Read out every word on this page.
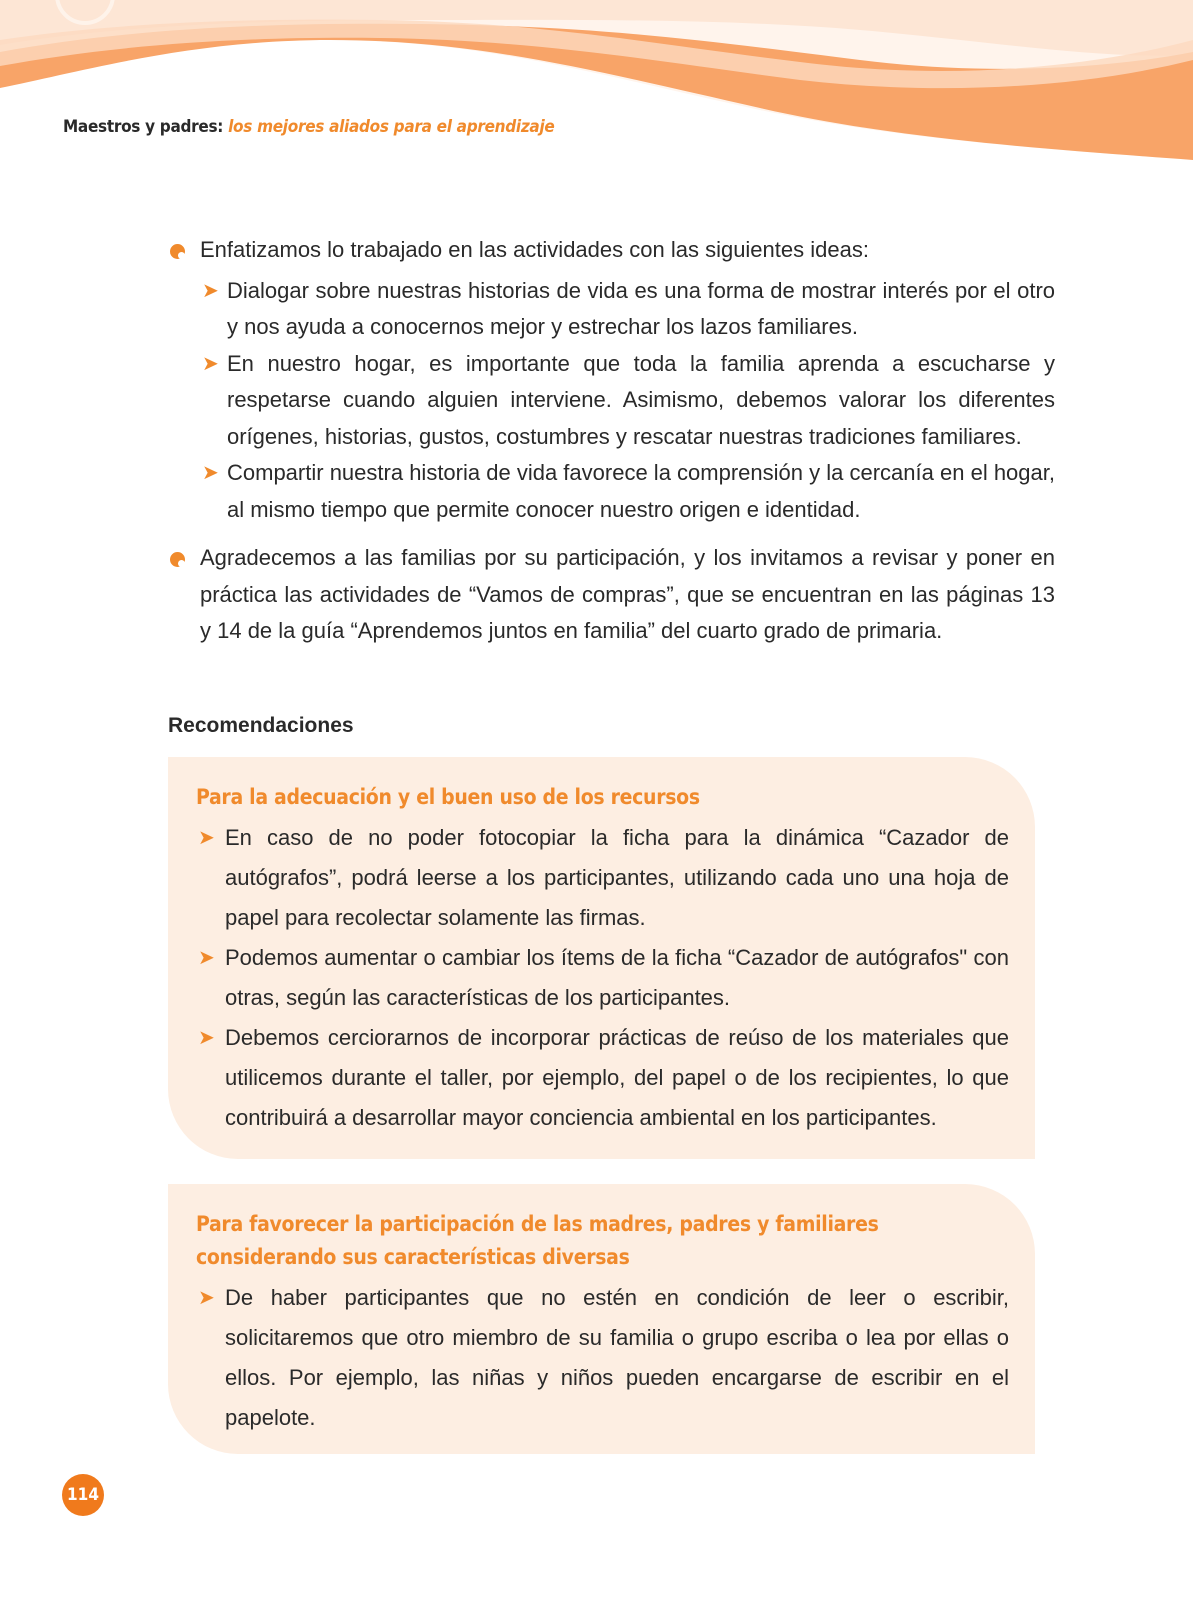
Maestros y padres: los mejores aliados para el aprendizaje
Enfatizamos lo trabajado en las actividades con las siguientes ideas:
➤ Dialogar sobre nuestras historias de vida es una forma de mostrar interés por el otro y nos ayuda a conocernos mejor y estrechar los lazos familiares.
➤ En nuestro hogar, es importante que toda la familia aprenda a escucharse y respetarse cuando alguien interviene. Asimismo, debemos valorar los diferentes orígenes, historias, gustos, costumbres y rescatar nuestras tradiciones familiares.
➤ Compartir nuestra historia de vida favorece la comprensión y la cercanía en el hogar, al mismo tiempo que permite conocer nuestro origen e identidad.
Agradecemos a las familias por su participación, y los invitamos a revisar y poner en práctica las actividades de “Vamos de compras”, que se encuentran en las páginas 13 y 14 de la guía “Aprendemos juntos en familia” del cuarto grado de primaria.
Recomendaciones
Para la adecuación y el buen uso de los recursos
➤ En caso de no poder fotocopiar la ficha para la dinámica “Cazador de autógrafos”, podrá leerse a los participantes, utilizando cada uno una hoja de papel para recolectar solamente las firmas.
➤ Podemos aumentar o cambiar los ítems de la ficha “Cazador de autógrafos" con otras, según las características de los participantes.
➤ Debemos cerciorarnos de incorporar prácticas de reúso de los materiales que utilicemos durante el taller, por ejemplo, del papel o de los recipientes, lo que contribuirá a desarrollar mayor conciencia ambiental en los participantes.
Para favorecer la participación de las madres, padres y familiares considerando sus características diversas
➤ De haber participantes que no estén en condición de leer o escribir, solicitaremos que otro miembro de su familia o grupo escriba o lea por ellas o ellos. Por ejemplo, las niñas y niños pueden encargarse de escribir en el papelote.
114
